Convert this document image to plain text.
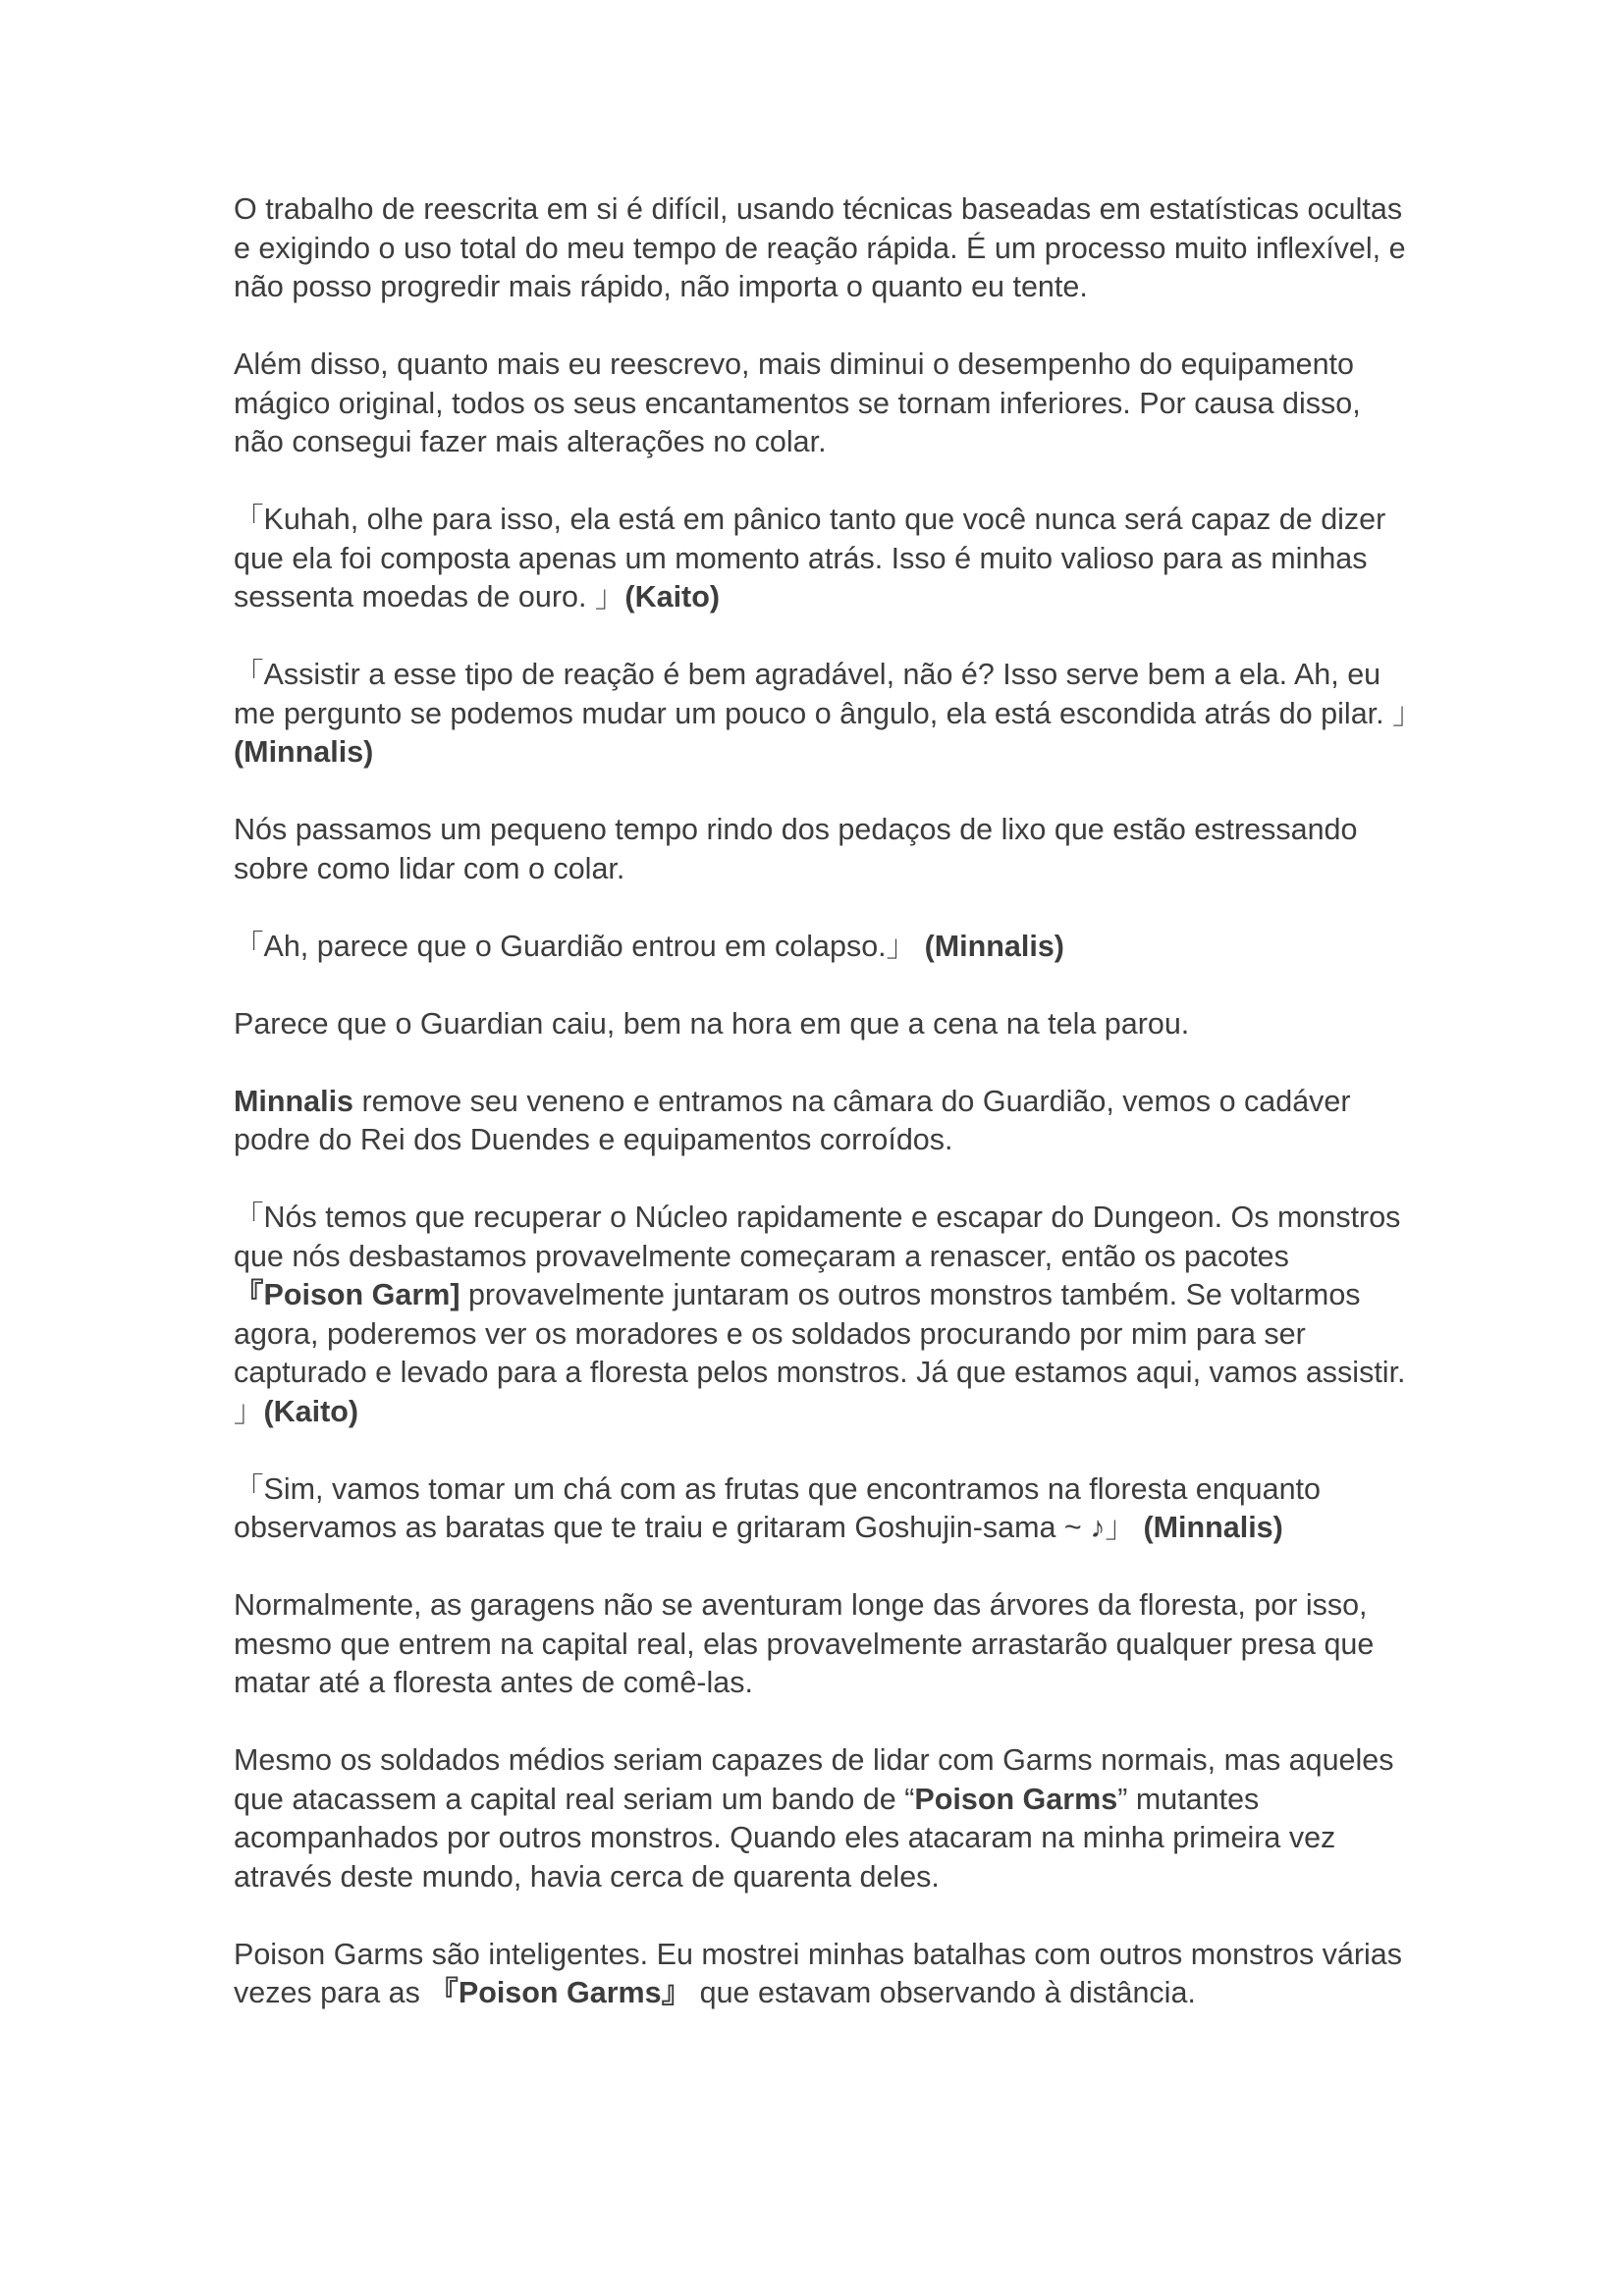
O trabalho de reescrita em si é difícil, usando técnicas baseadas em estatísticas ocultas e exigindo o uso total do meu tempo de reação rápida. É um processo muito inflexível, e não posso progredir mais rápido, não importa o quanto eu tente.

Além disso, quanto mais eu reescrevo, mais diminui o desempenho do equipamento mágico original, todos os seus encantamentos se tornam inferiores. Por causa disso, não consegui fazer mais alterações no colar.

「Kuhah, olhe para isso, ela está em pânico tanto que você nunca será capaz de dizer que ela foi composta apenas um momento atrás. Isso é muito valioso para as minhas sessenta moedas de ouro. 」(Kaito)

「Assistir a esse tipo de reação é bem agradável, não é? Isso serve bem a ela. Ah, eu me pergunto se podemos mudar um pouco o ângulo, ela está escondida atrás do pilar. 」(Minnalis)

Nós passamos um pequeno tempo rindo dos pedaços de lixo que estão estressando sobre como lidar com o colar.

「Ah, parece que o Guardião entrou em colapso.」 (Minnalis)

Parece que o Guardian caiu, bem na hora em que a cena na tela parou.

Minnalis remove seu veneno e entramos na câmara do Guardião, vemos o cadáver podre do Rei dos Duendes e equipamentos corroídos.

「Nós temos que recuperar o Núcleo rapidamente e escapar do Dungeon. Os monstros que nós desbastamos provavelmente começaram a renascer, então os pacotes 『Poison Garm] provavelmente juntaram os outros monstros também. Se voltarmos agora, poderemos ver os moradores e os soldados procurando por mim para ser capturado e levado para a floresta pelos monstros. Já que estamos aqui, vamos assistir. 」(Kaito)

「Sim, vamos tomar um chá com as frutas que encontramos na floresta enquanto observamos as baratas que te traiu e gritaram Goshujin-sama ~ ♪」 (Minnalis)

Normalmente, as garagens não se aventuram longe das árvores da floresta, por isso, mesmo que entrem na capital real, elas provavelmente arrastarão qualquer presa que matar até a floresta antes de comê-las.

Mesmo os soldados médios seriam capazes de lidar com Garms normais, mas aqueles que atacassem a capital real seriam um bando de “Poison Garms” mutantes acompanhados por outros monstros. Quando eles atacaram na minha primeira vez através deste mundo, havia cerca de quarenta deles.

Poison Garms são inteligentes. Eu mostrei minhas batalhas com outros monstros várias vezes para as 『Poison Garms』 que estavam observando à distância.
